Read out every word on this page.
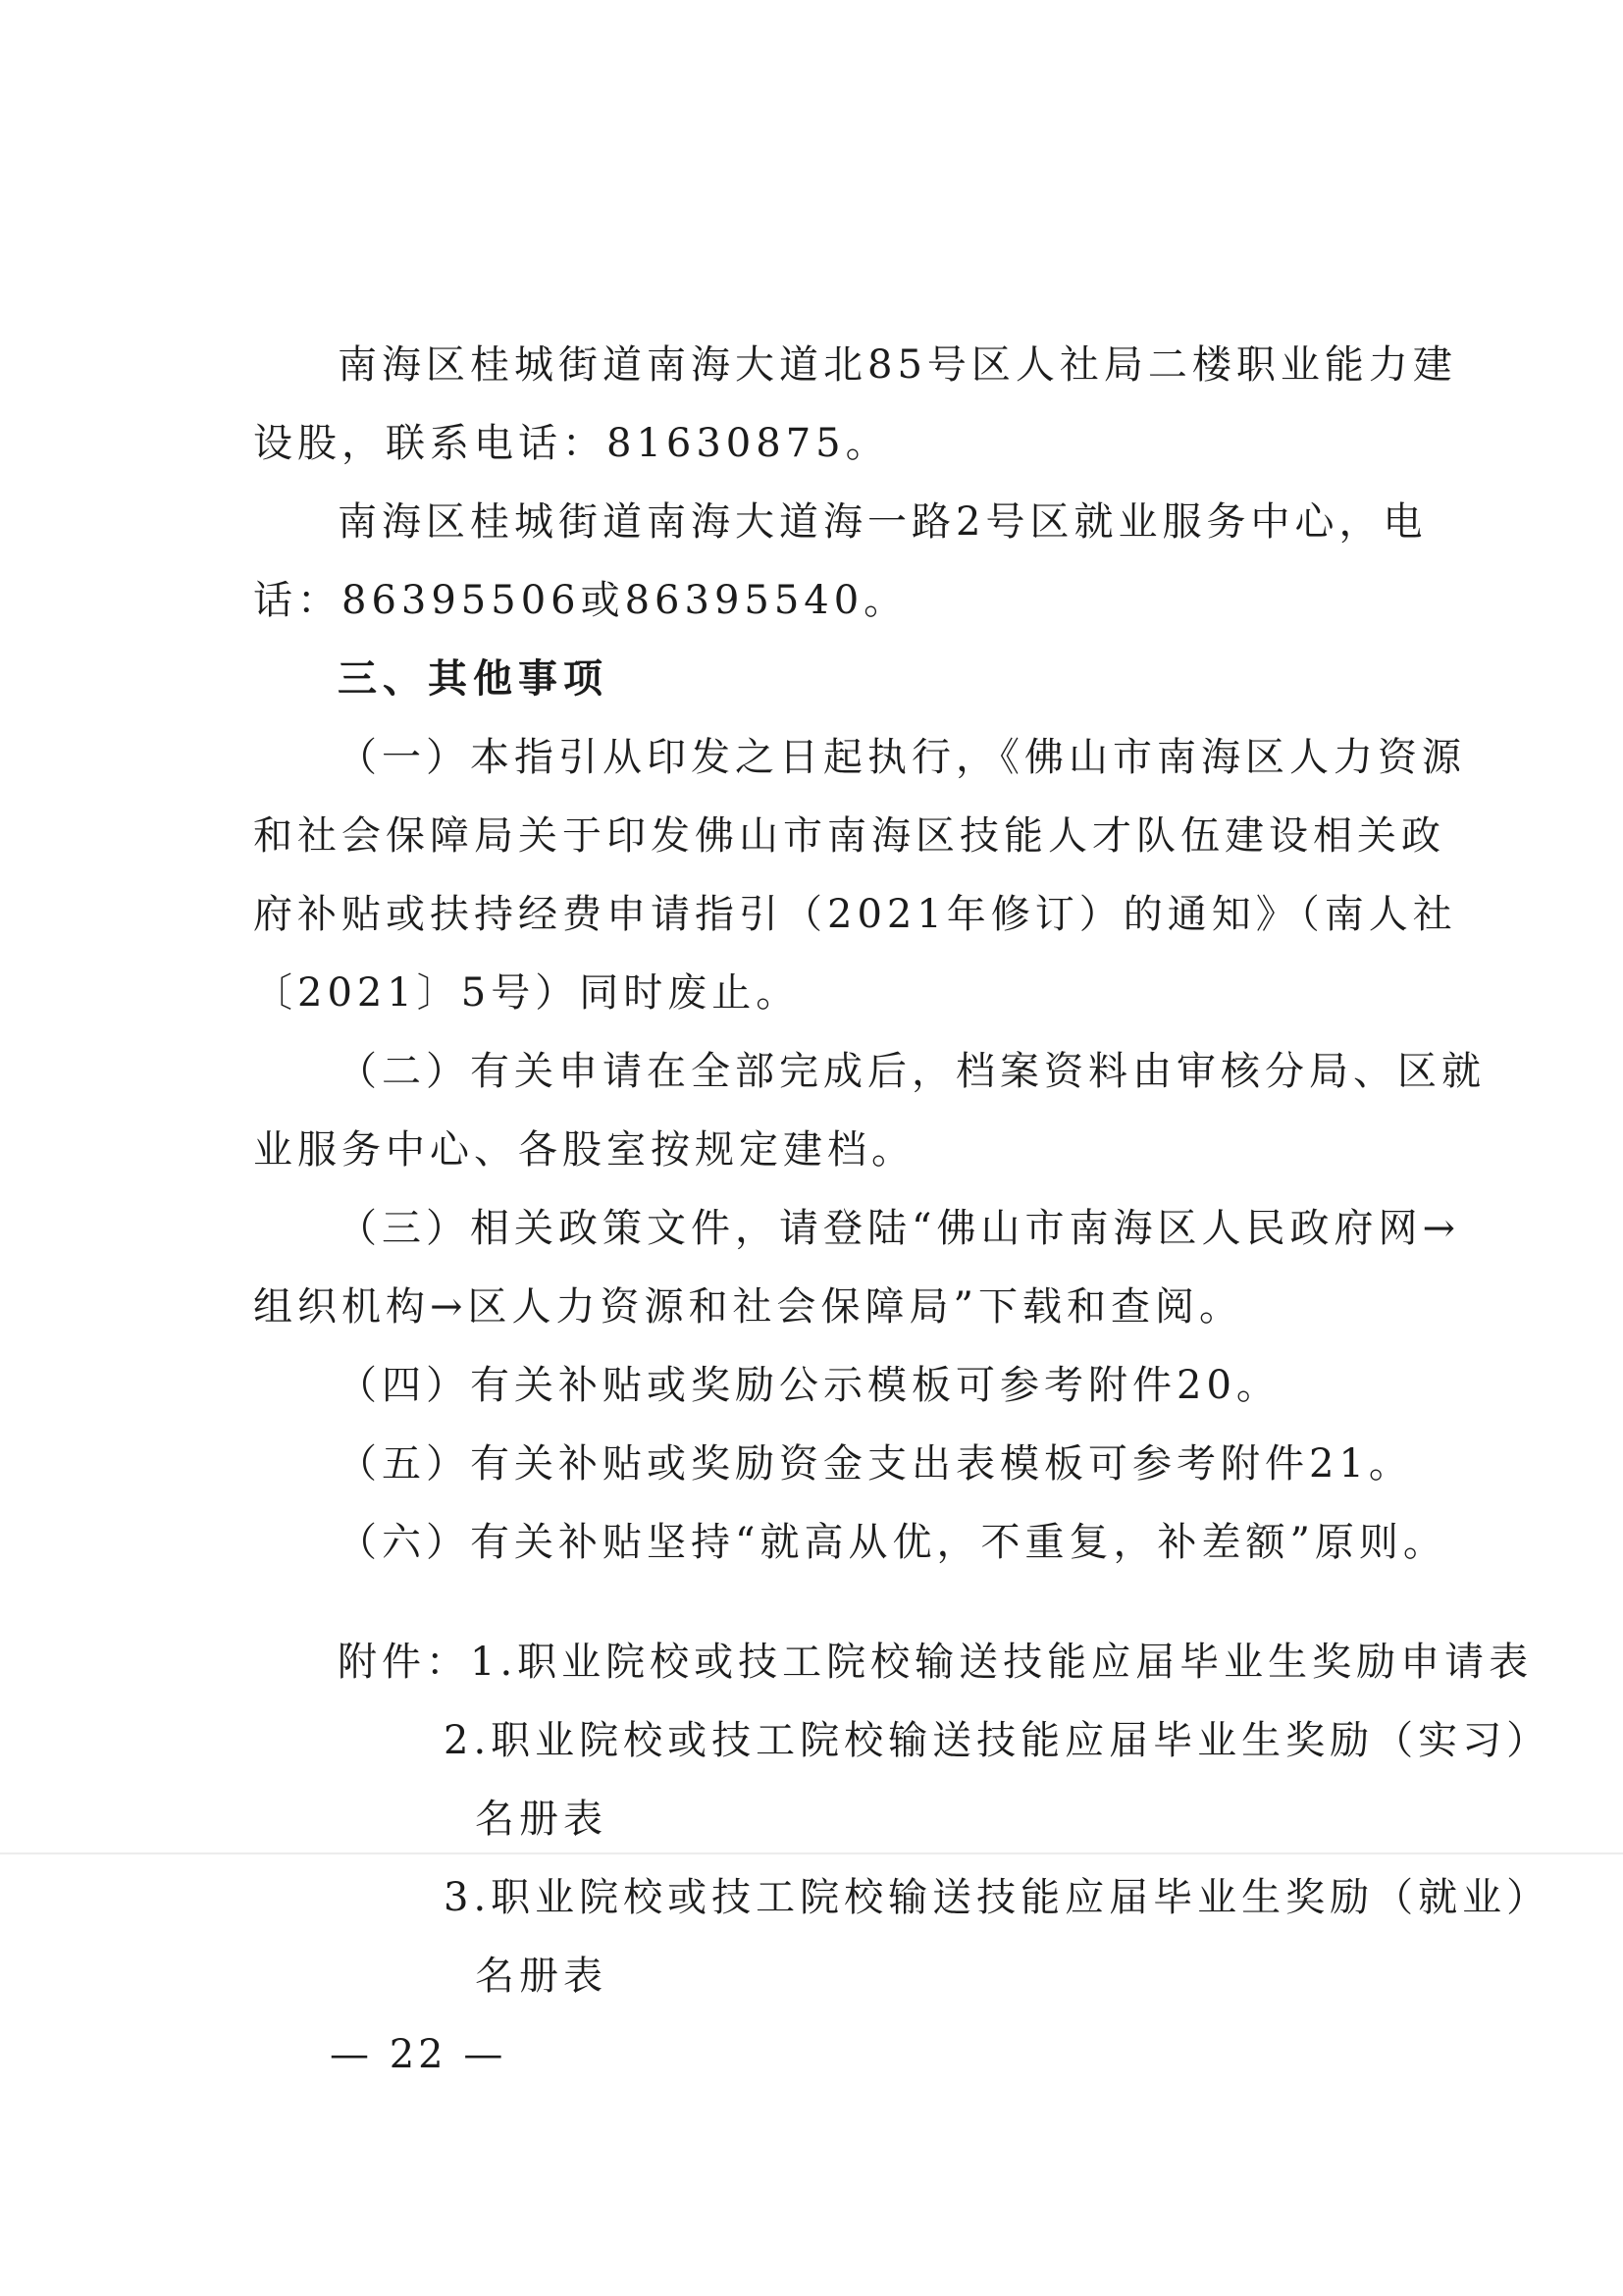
南海区桂城街道南海大道北85号区人社局二楼职业能力建
设股，联系电话：81630875。
南海区桂城街道南海大道海一路2号区就业服务中心，电
话：86395506或86395540。
三、其他事项
（一）本指引从印发之日起执行，《佛山市南海区人力资源
和社会保障局关于印发佛山市南海区技能人才队伍建设相关政
府补贴或扶持经费申请指引（2021年修订）的通知》（南人社
〔2021〕5号）同时废止。
（二）有关申请在全部完成后，档案资料由审核分局、区就
业服务中心、各股室按规定建档。
（三）相关政策文件，请登陆“佛山市南海区人民政府网→
组织机构→区人力资源和社会保障局”下载和查阅。
（四）有关补贴或奖励公示模板可参考附件20。
（五）有关补贴或奖励资金支出表模板可参考附件21。
（六）有关补贴坚持“就高从优，不重复，补差额”原则。
附件：1.职业院校或技工院校输送技能应届毕业生奖励申请表
2.职业院校或技工院校输送技能应届毕业生奖励（实习）
名册表
3.职业院校或技工院校输送技能应届毕业生奖励（就业）
名册表
— 22 —
